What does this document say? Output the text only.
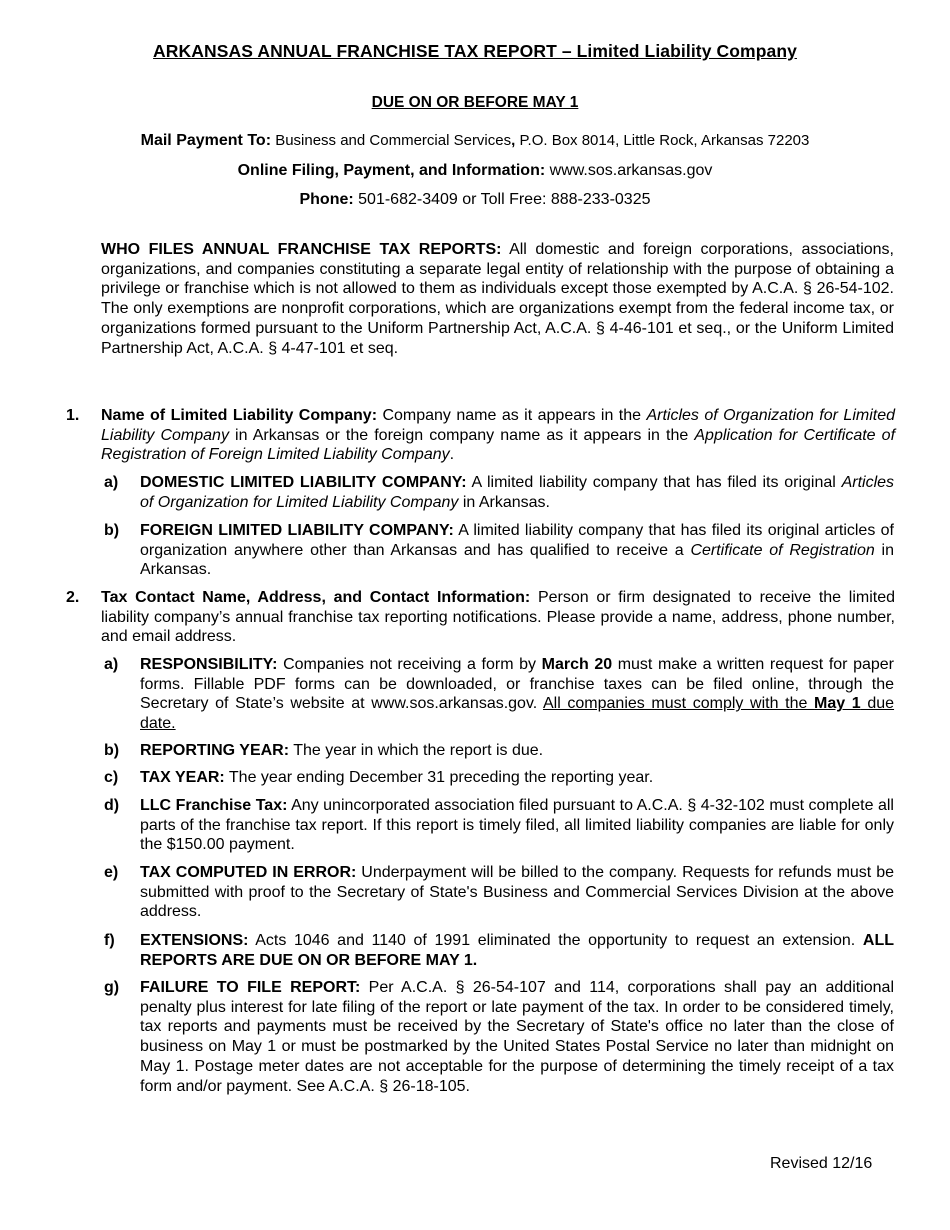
ARKANSAS ANNUAL FRANCHISE TAX REPORT – Limited Liability Company
DUE ON OR BEFORE MAY 1
Mail Payment To: Business and Commercial Services, P.O. Box 8014, Little Rock, Arkansas 72203
Online Filing, Payment, and Information: www.sos.arkansas.gov
Phone: 501-682-3409 or Toll Free: 888-233-0325
WHO FILES ANNUAL FRANCHISE TAX REPORTS: All domestic and foreign corporations, associations, organizations, and companies constituting a separate legal entity of relationship with the purpose of obtaining a privilege or franchise which is not allowed to them as individuals except those exempted by A.C.A. § 26-54-102. The only exemptions are nonprofit corporations, which are organizations exempt from the federal income tax, or organizations formed pursuant to the Uniform Partnership Act, A.C.A. § 4-46-101 et seq., or the Uniform Limited Partnership Act, A.C.A. § 4-47-101 et seq.
1. Name of Limited Liability Company: Company name as it appears in the Articles of Organization for Limited Liability Company in Arkansas or the foreign company name as it appears in the Application for Certificate of Registration of Foreign Limited Liability Company.
a) DOMESTIC LIMITED LIABILITY COMPANY: A limited liability company that has filed its original Articles of Organization for Limited Liability Company in Arkansas.
b) FOREIGN LIMITED LIABILITY COMPANY: A limited liability company that has filed its original articles of organization anywhere other than Arkansas and has qualified to receive a Certificate of Registration in Arkansas.
2. Tax Contact Name, Address, and Contact Information: Person or firm designated to receive the limited liability company’s annual franchise tax reporting notifications. Please provide a name, address, phone number, and email address.
a) RESPONSIBILITY: Companies not receiving a form by March 20 must make a written request for paper forms. Fillable PDF forms can be downloaded, or franchise taxes can be filed online, through the Secretary of State’s website at www.sos.arkansas.gov. All companies must comply with the May 1 due date.
b) REPORTING YEAR: The year in which the report is due.
c) TAX YEAR: The year ending December 31 preceding the reporting year.
d) LLC Franchise Tax: Any unincorporated association filed pursuant to A.C.A. § 4-32-102 must complete all parts of the franchise tax report. If this report is timely filed, all limited liability companies are liable for only the $150.00 payment.
e) TAX COMPUTED IN ERROR: Underpayment will be billed to the company. Requests for refunds must be submitted with proof to the Secretary of State's Business and Commercial Services Division at the above address.
f) EXTENSIONS: Acts 1046 and 1140 of 1991 eliminated the opportunity to request an extension. ALL REPORTS ARE DUE ON OR BEFORE MAY 1.
g) FAILURE TO FILE REPORT: Per A.C.A. § 26-54-107 and 114, corporations shall pay an additional penalty plus interest for late filing of the report or late payment of the tax. In order to be considered timely, tax reports and payments must be received by the Secretary of State's office no later than the close of business on May 1 or must be postmarked by the United States Postal Service no later than midnight on May 1. Postage meter dates are not acceptable for the purpose of determining the timely receipt of a tax form and/or payment. See A.C.A. § 26-18-105.
Revised 12/16
